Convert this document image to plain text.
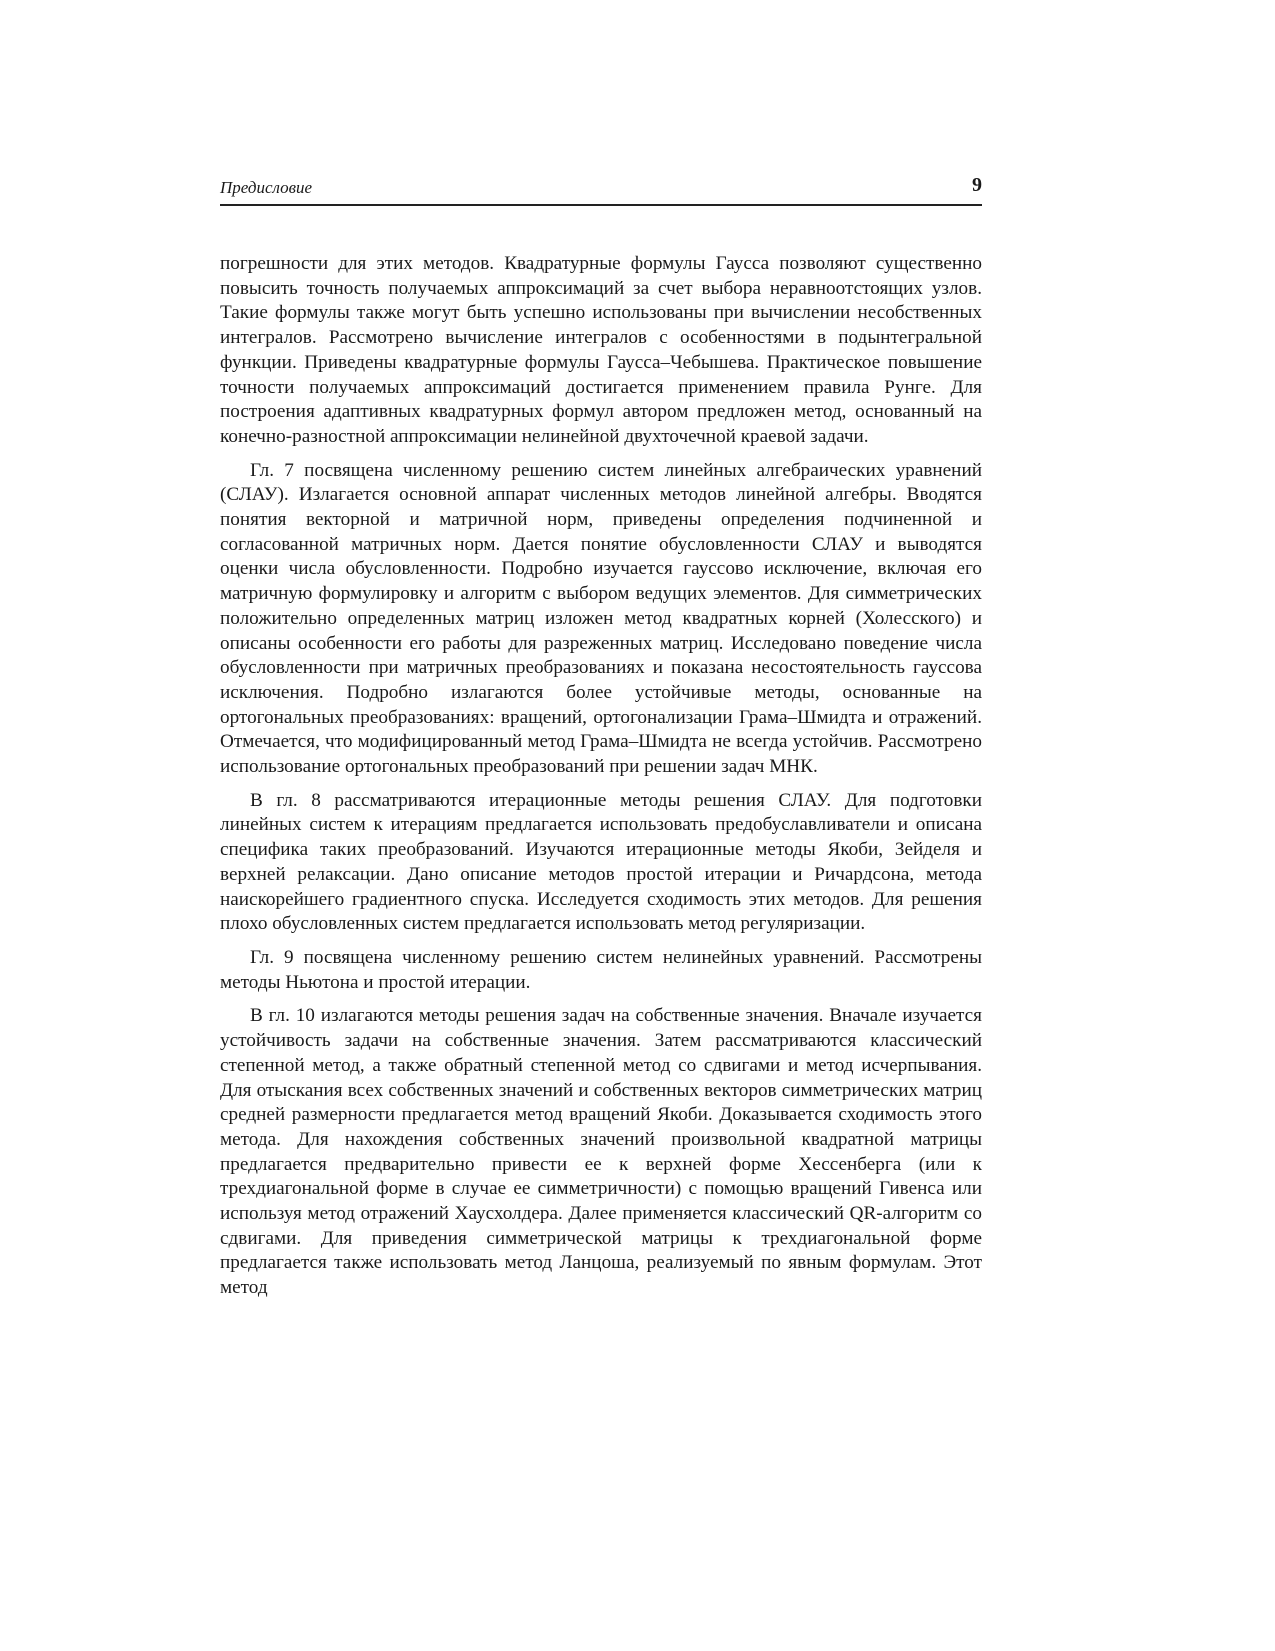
Предисловие	9

погрешности для этих методов. Квадратурные формулы Гаусса позволяют существенно повысить точность получаемых аппроксимаций за счет выбора неравноотстоящих узлов. Такие формулы также могут быть успешно использованы при вычислении несобственных интегралов. Рассмотрено вычисление интегралов с особенностями в подынтегральной функции. Приведены квадратурные формулы Гаусса–Чебышева. Практическое повышение точности получаемых аппроксимаций достигается применением правила Рунге. Для построения адаптивных квадратурных формул автором предложен метод, основанный на конечно-разностной аппроксимации нелинейной двухточечной краевой задачи.

Гл. 7 посвящена численному решению систем линейных алгебраических уравнений (СЛАУ). Излагается основной аппарат численных методов линейной алгебры. Вводятся понятия векторной и матричной норм, приведены определения подчиненной и согласованной матричных норм. Дается понятие обусловленности СЛАУ и выводятся оценки числа обусловленности. Подробно изучается гауссово исключение, включая его матричную формулировку и алгоритм с выбором ведущих элементов. Для симметрических положительно определенных матриц изложен метод квадратных корней (Холесского) и описаны особенности его работы для разреженных матриц. Исследовано поведение числа обусловленности при матричных преобразованиях и показана несостоятельность гауссова исключения. Подробно излагаются более устойчивые методы, основанные на ортогональных преобразованиях: вращений, ортогонализации Грама–Шмидта и отражений. Отмечается, что модифицированный метод Грама–Шмидта не всегда устойчив. Рассмотрено использование ортогональных преобразований при решении задач МНК.

В гл. 8 рассматриваются итерационные методы решения СЛАУ. Для подготовки линейных систем к итерациям предлагается использовать предобуславливатели и описана специфика таких преобразований. Изучаются итерационные методы Якоби, Зейделя и верхней релаксации. Дано описание методов простой итерации и Ричардсона, метода наискорейшего градиентного спуска. Исследуется сходимость этих методов. Для решения плохо обусловленных систем предлагается использовать метод регуляризации.

Гл. 9 посвящена численному решению систем нелинейных уравнений. Рассмотрены методы Ньютона и простой итерации.

В гл. 10 излагаются методы решения задач на собственные значения. Вначале изучается устойчивость задачи на собственные значения. Затем рассматриваются классический степенной метод, а также обратный степенной метод со сдвигами и метод исчерпывания. Для отыскания всех собственных значений и собственных векторов симметрических матриц средней размерности предлагается метод вращений Якоби. Доказывается сходимость этого метода. Для нахождения собственных значений произвольной квадратной матрицы предлагается предварительно привести ее к верхней форме Хессенберга (или к трехдиагональной форме в случае ее симметричности) с помощью вращений Гивенса или используя метод отражений Хаусхолдера. Далее применяется классический QR-алгоритм со сдвигами. Для приведения симметрической матрицы к трехдиагональной форме предлагается также использовать метод Ланцоша, реализуемый по явным формулам. Этот метод
